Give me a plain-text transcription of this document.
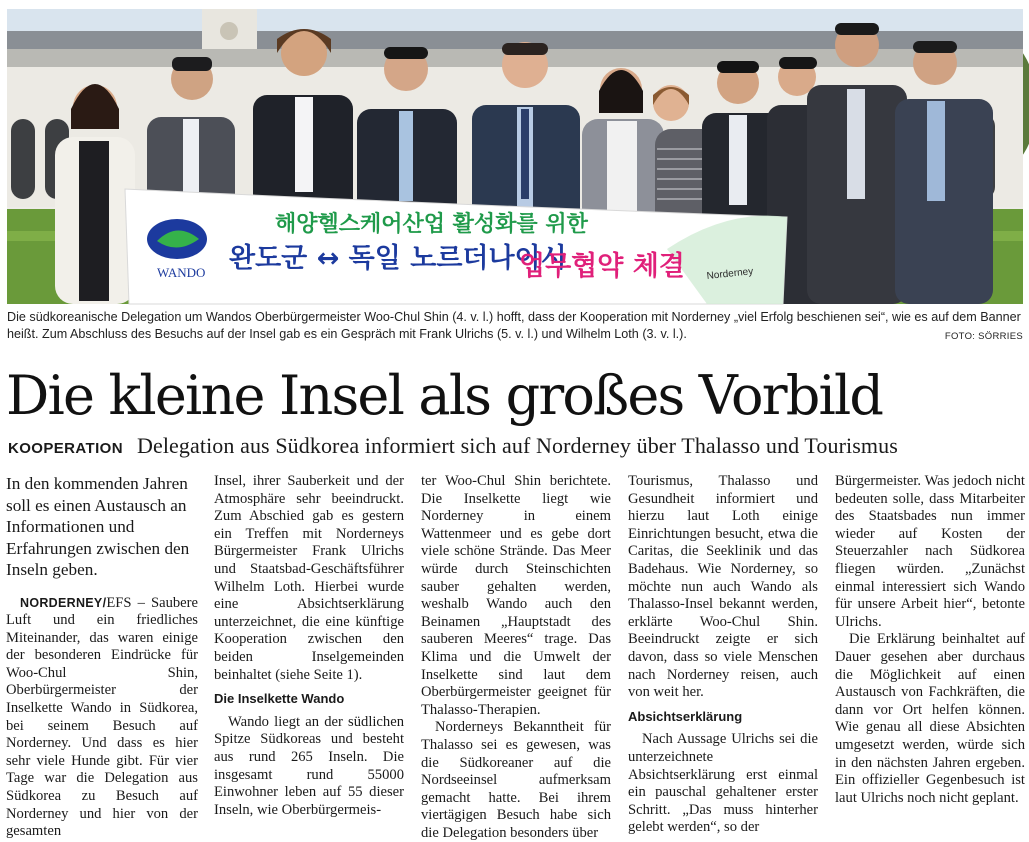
WANDO
해양헬스케어산업 활성화를 위한
완도군 ↔ 독일 노르더나이시
업무협약 체결 Norderney
Die südkoreanische Delegation um Wandos Oberbürgermeister Woo-Chul Shin (4. v. l.) hofft, dass der Kooperation mit Norderney „viel Erfolg beschienen sei“, wie es auf dem Banner heißt. Zum Abschluss des Besuchs auf der Insel gab es ein Gespräch mit Frank Ulrichs (5. v. l.) und Wilhelm Loth (3. v. l.).	FOTO: SÖRRIES
Die kleine Insel als großes Vorbild
KOOPERATION Delegation aus Südkorea informiert sich auf Norderney über Thalasso und Tourismus

In den kommenden Jahren soll es einen Austausch an Informationen und Erfahrungen zwischen den Inseln geben.

NORDERNEY/EFS – Saubere Luft und ein friedliches Miteinander, das waren einige der besonderen Eindrücke für Woo-Chul Shin, Oberbürgermeister der Inselkette Wando in Südkorea, bei seinem Besuch auf Norderney. Und dass es hier sehr viele Hunde gibt. Für vier Tage war die Delegation aus Südkorea zu Besuch auf Norderney und hier von der gesamten

Insel, ihrer Sauberkeit und der Atmosphäre sehr beeindruckt. Zum Abschied gab es gestern ein Treffen mit Norderneys Bürgermeister Frank Ulrichs und Staatsbad-Geschäftsführer Wilhelm Loth. Hierbei wurde eine Absichtserklärung unterzeichnet, die eine künftige Kooperation zwischen den beiden Inselgemeinden beinhaltet (siehe Seite 1).

Die Inselkette Wando

Wando liegt an der südlichen Spitze Südkoreas und besteht aus rund 265 Inseln. Die insgesamt rund 55000 Einwohner leben auf 55 dieser Inseln, wie Oberbürgermeis-

ter Woo-Chul Shin berichtete. Die Inselkette liegt wie Norderney in einem Wattenmeer und es gebe dort viele schöne Strände. Das Meer würde durch Steinschichten sauber gehalten werden, weshalb Wando auch den Beinamen „Hauptstadt des sauberen Meeres“ trage. Das Klima und die Umwelt der Inselkette sind laut dem Oberbürgermeister geeignet für Thalasso-Therapien.

Norderneys Bekanntheit für Thalasso sei es gewesen, was die Südkoreaner auf die Nordseeinsel aufmerksam gemacht hatte. Bei ihrem viertägigen Besuch habe sich die Delegation besonders über

Tourismus, Thalasso und Gesundheit informiert und hierzu laut Loth einige Einrichtungen besucht, etwa die Caritas, die Seeklinik und das Badehaus. Wie Norderney, so möchte nun auch Wando als Thalasso-Insel bekannt werden, erklärte Woo-Chul Shin. Beeindruckt zeigte er sich davon, dass so viele Menschen nach Norderney reisen, auch von weit her.

Absichtserklärung

Nach Aussage Ulrichs sei die unterzeichnete Absichtserklärung erst einmal ein pauschal gehaltener erster Schritt. „Das muss hinterher gelebt werden“, so der

Bürgermeister. Was jedoch nicht bedeuten solle, dass Mitarbeiter des Staatsbades nun immer wieder auf Kosten der Steuerzahler nach Südkorea fliegen würden. „Zunächst einmal interessiert sich Wando für unsere Arbeit hier“, betonte Ulrichs.

Die Erklärung beinhaltet auf Dauer gesehen aber durchaus die Möglichkeit auf einen Austausch von Fachkräften, die dann vor Ort helfen können. Wie genau all diese Absichten umgesetzt werden, würde sich in den nächsten Jahren ergeben. Ein offizieller Gegenbesuch ist laut Ulrichs noch nicht geplant.
